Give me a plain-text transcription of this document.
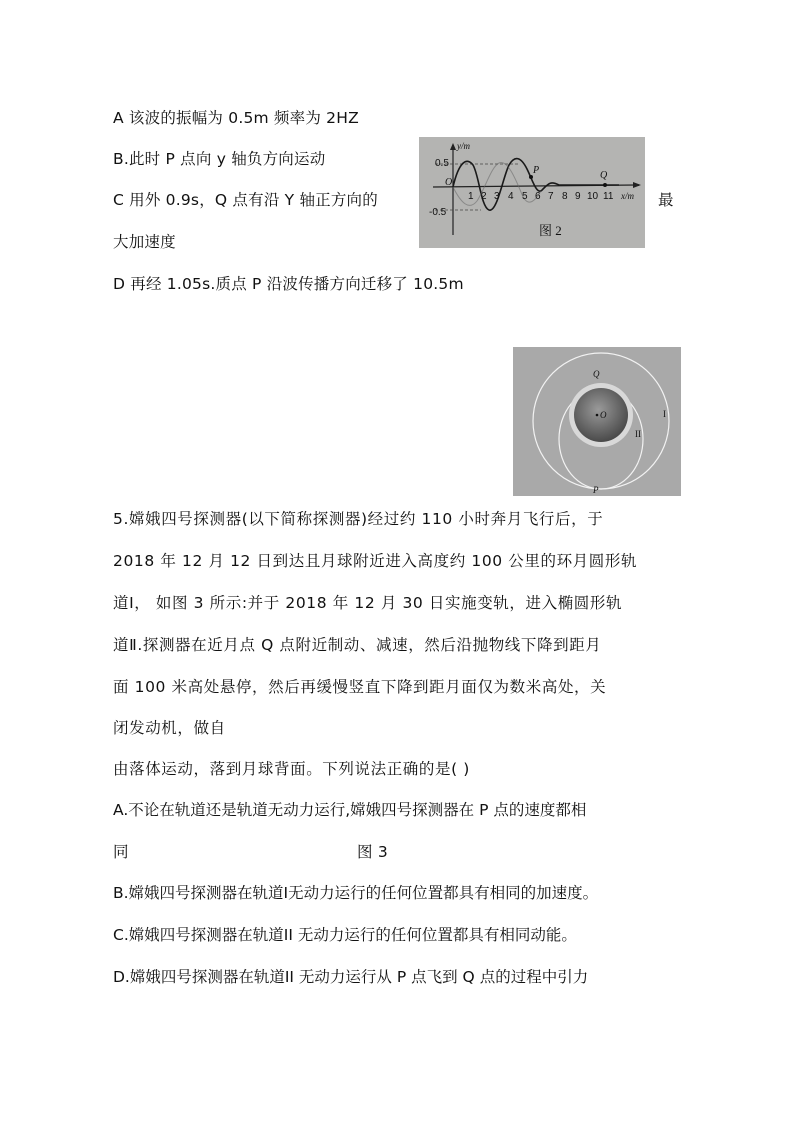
A 该波的振幅为 0.5m 频率为 2HZ
B.此时 P 点向 y 轴负方向运动
C 用外 0.9s，Q 点有沿 Y 轴正方向的	最
大加速度
D 再经 1.05s.质点 P 沿波传播方向迁移了 10.5m
y/m
x/m
0.5
-0.5
O
1 2 3 4 5 6 7 8 9 10 11
P	Q
图 2
O
Q
P
I
II
5.嫦娥四号探测器(以下简称探测器)经过约 110 小时奔月飞行后，于
2018 年 12 月 12 日到达且月球附近进入高度约 100 公里的环月圆形轨
道Ⅰ， 如图 3 所示:并于 2018 年 12 月 30 日实施变轨，进入椭圆形轨
道Ⅱ.探测器在近月点 Q 点附近制动、减速，然后沿抛物线下降到距月
面 100 米高处悬停，然后再缓慢竖直下降到距月面仅为数米高处，关
闭发动机，做自
由落体运动，落到月球背面。下列说法正确的是( )
A.不论在轨道还是轨道无动力运行,嫦娥四号探测器在 P 点的速度都相
同	图 3
B.嫦娥四号探测器在轨道I无动力运行的任何位置都具有相同的加速度。
C.嫦娥四号探测器在轨道II 无动力运行的任何位置都具有相同动能。
D.嫦娥四号探测器在轨道II 无动力运行从 P 点飞到 Q 点的过程中引力
